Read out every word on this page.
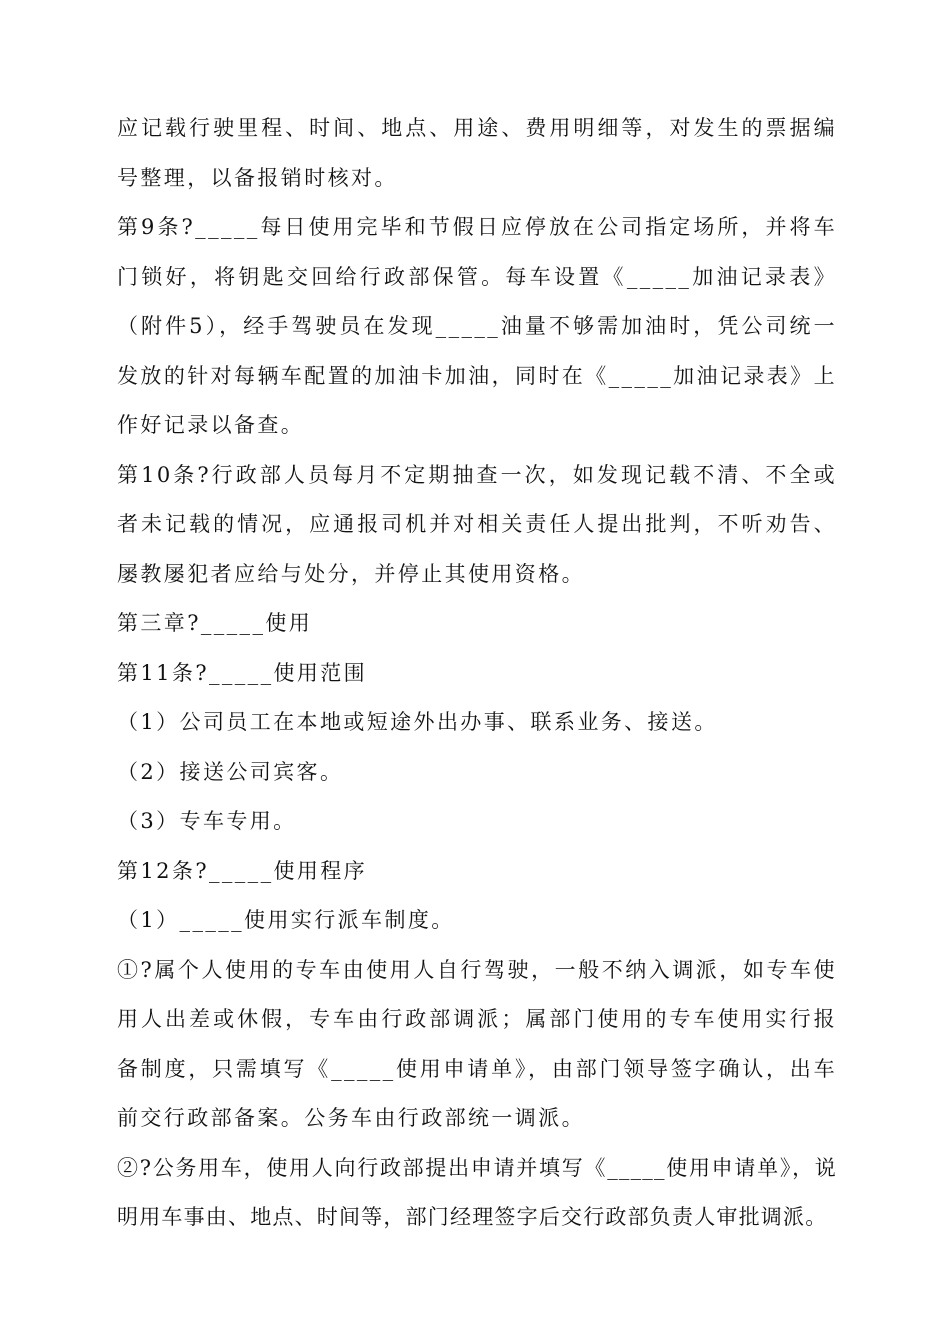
应记载行驶里程、时间、地点、用途、费用明细等，对发生的票据编号整理，以备报销时核对。

第9条?_____每日使用完毕和节假日应停放在公司指定场所，并将车门锁好，将钥匙交回给行政部保管。每车设置《_____加油记录表》（附件5），经手驾驶员在发现_____油量不够需加油时，凭公司统一发放的针对每辆车配置的加油卡加油，同时在《_____加油记录表》上作好记录以备查。

第10条?行政部人员每月不定期抽查一次，如发现记载不清、不全或者未记载的情况，应通报司机并对相关责任人提出批判，不听劝告、屡教屡犯者应给与处分，并停止其使用资格。

第三章?_____使用

第11条?_____使用范围

（1）公司员工在本地或短途外出办事、联系业务、接送。

（2）接送公司宾客。

（3）专车专用。

第12条?_____使用程序

（1）_____使用实行派车制度。

①?属个人使用的专车由使用人自行驾驶，一般不纳入调派，如专车使用人出差或休假，专车由行政部调派；属部门使用的专车使用实行报备制度，只需填写《_____使用申请单》，由部门领导签字确认，出车前交行政部备案。公务车由行政部统一调派。

②?公务用车，使用人向行政部提出申请并填写《_____使用申请单》，说明用车事由、地点、时间等，部门经理签字后交行政部负责人审批调派。
